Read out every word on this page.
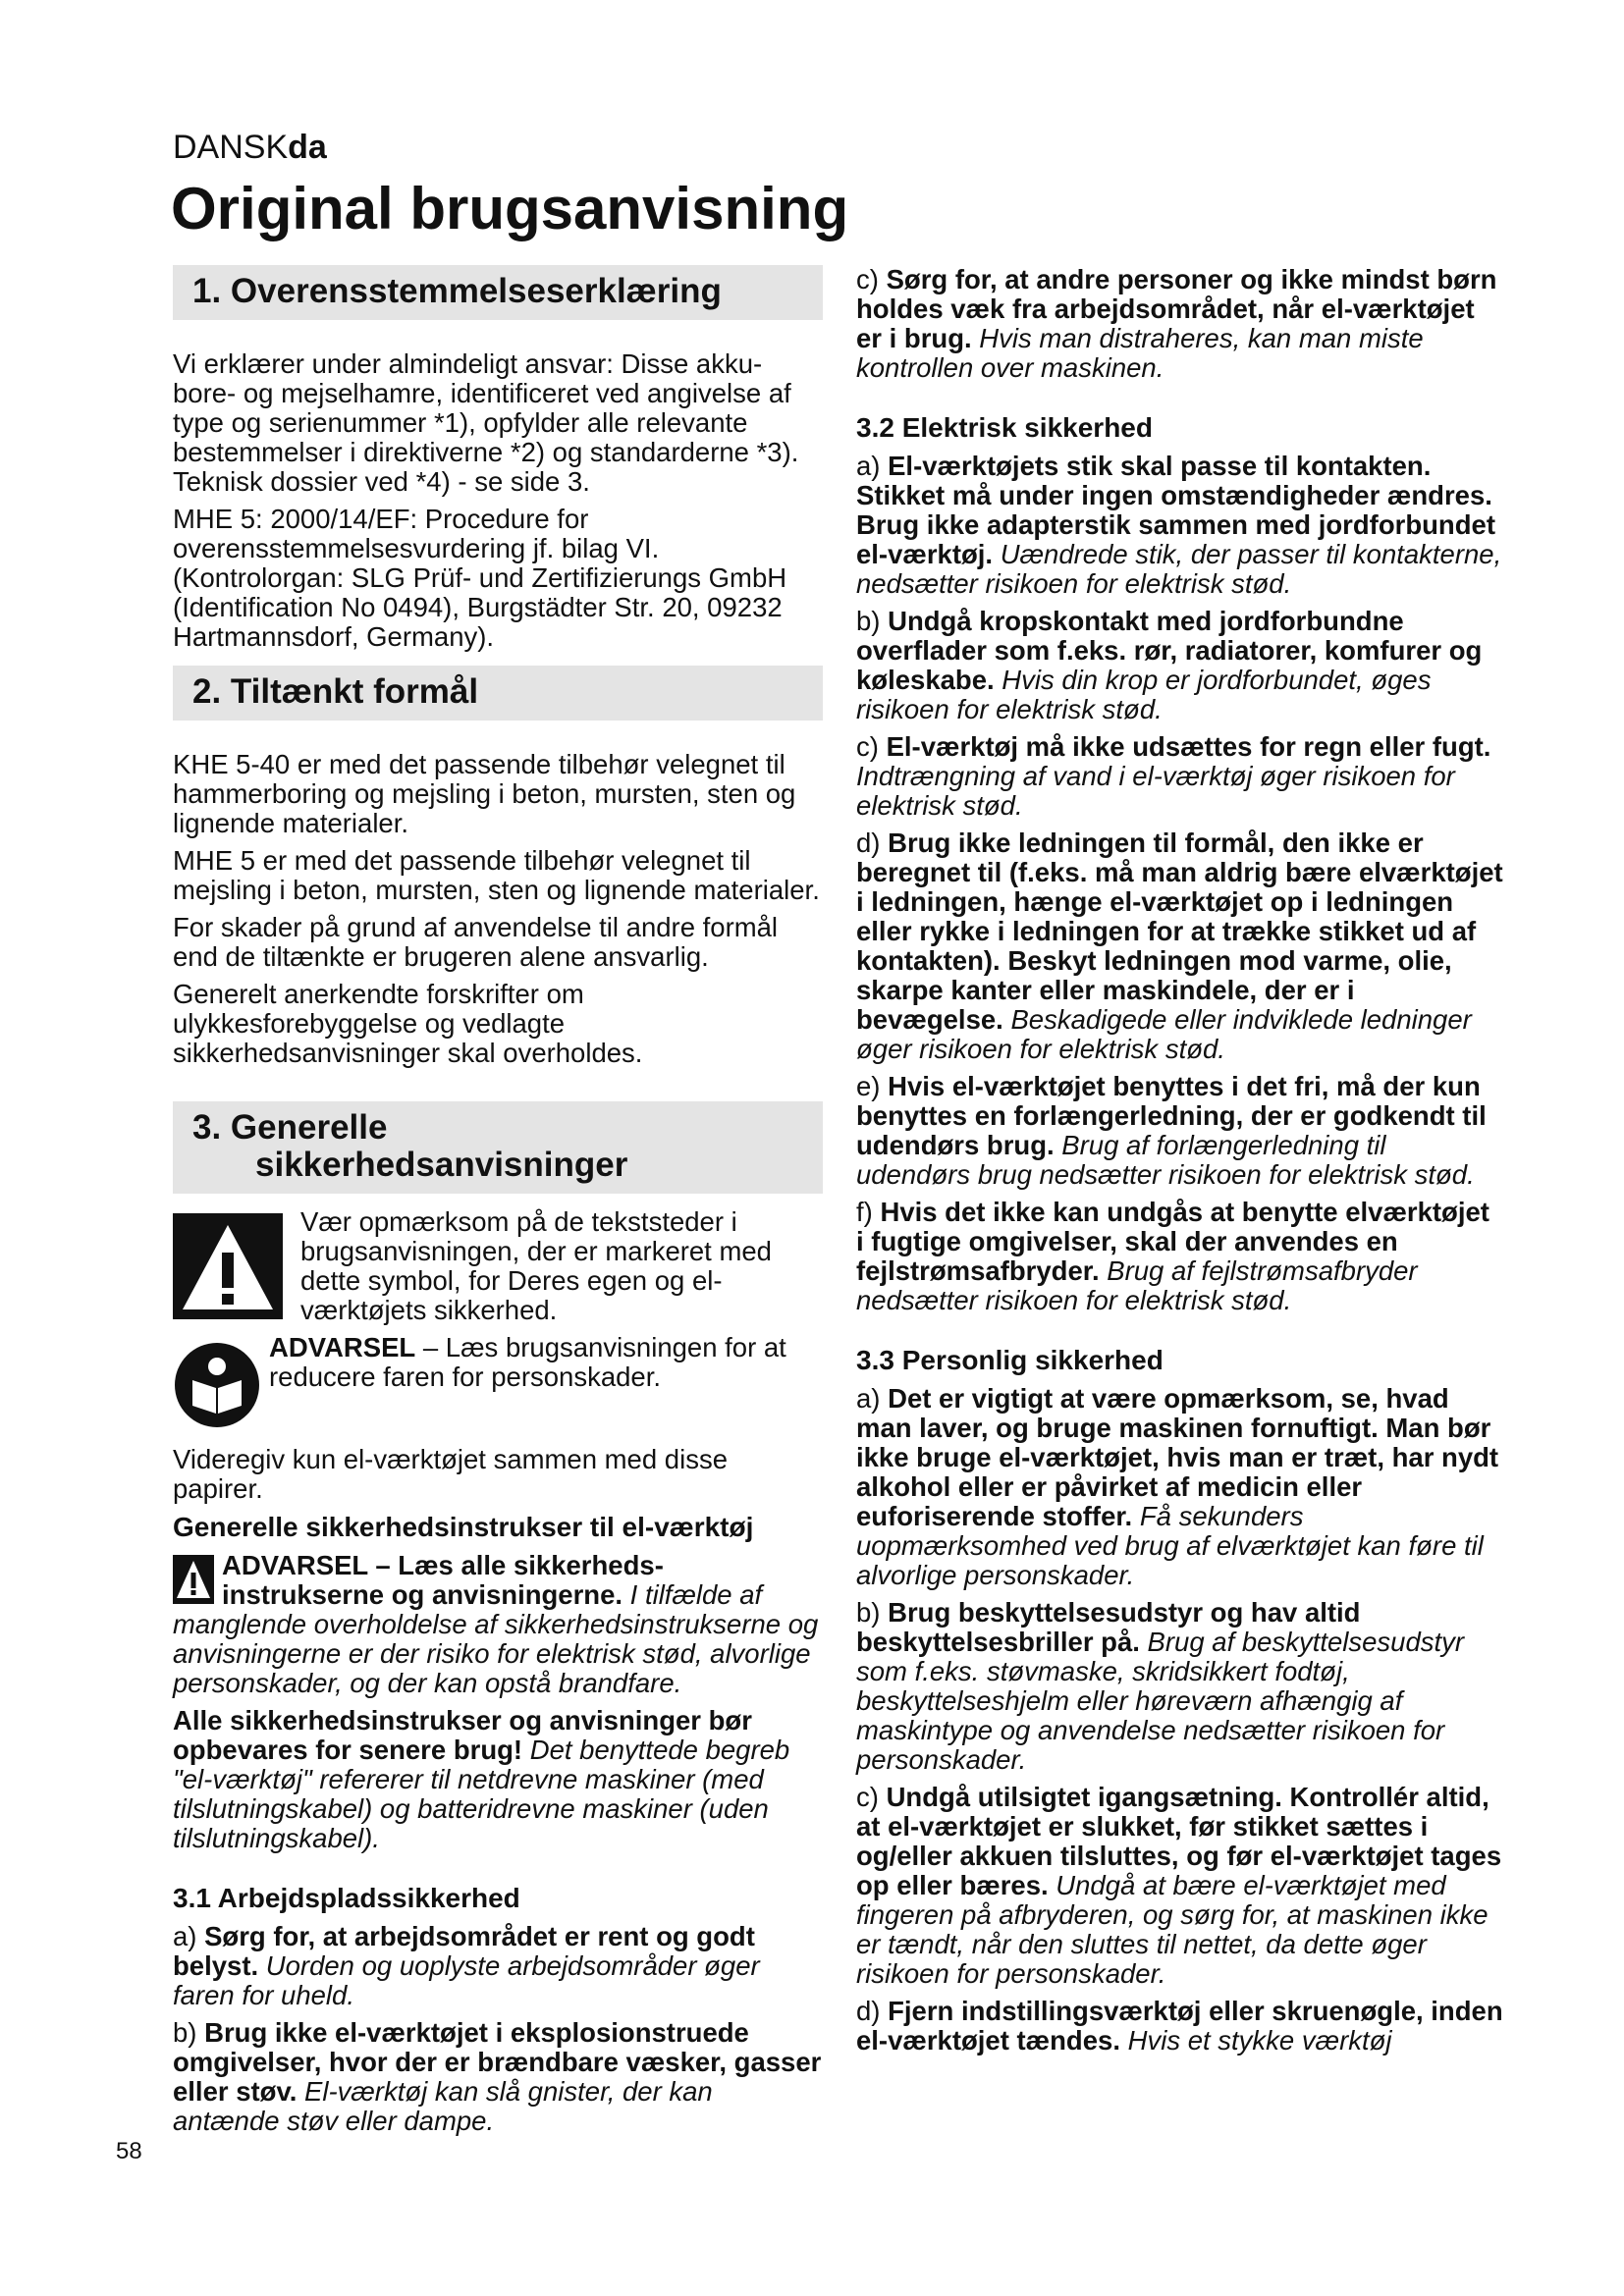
DANSKda
Original brugsanvisning
1. Overensstemmelseserklæring

Vi erklærer under almindeligt ansvar: Disse akku-bore- og mejselhamre, identificeret ved angivelse af type og serienummer *1), opfylder alle relevante bestemmelser i direktiverne *2) og standarderne *3). Teknisk dossier ved *4) - se side 3.

MHE 5: 2000/14/EF: Procedure for overensstemmelsesvurdering jf. bilag VI. (Kontrolorgan: SLG Prüf- und Zertifizierungs GmbH (Identification No 0494), Burgstädter Str. 20, 09232 Hartmannsdorf, Germany).

2. Tiltænkt formål

KHE 5-40 er med det passende tilbehør velegnet til hammerboring og mejsling i beton, mursten, sten og lignende materialer.

MHE 5 er med det passende tilbehør velegnet til mejsling i beton, mursten, sten og lignende materialer.

For skader på grund af anvendelse til andre formål end de tiltænkte er brugeren alene ansvarlig.

Generelt anerkendte forskrifter om ulykkesforebyggelse og vedlagte sikkerhedsanvisninger skal overholdes.

3. Generelle
sikkerhedsanvisninger

Vær opmærksom på de tekststeder i brugsanvisningen, der er markeret med dette symbol, for Deres egen og el-værktøjets sikkerhed.

ADVARSEL – Læs brugsanvisningen for at reducere faren for personskader.

Videregiv kun el-værktøjet sammen med disse papirer.

Generelle sikkerhedsinstrukser til el-værktøj

ADVARSEL – Læs alle sikkerheds-instrukserne og anvisningerne. I tilfælde af manglende overholdelse af sikkerhedsinstrukserne og anvisningerne er der risiko for elektrisk stød, alvorlige personskader, og der kan opstå brandfare.

Alle sikkerhedsinstrukser og anvisninger bør opbevares for senere brug! Det benyttede begreb "el-værktøj" refererer til netdrevne maskiner (med tilslutningskabel) og batteridrevne maskiner (uden tilslutningskabel).

3.1 Arbejdspladssikkerhed

a) Sørg for, at arbejdsområdet er rent og godt belyst. Uorden og uoplyste arbejdsområder øger faren for uheld.

b) Brug ikke el-værktøjet i eksplosionstruede omgivelser, hvor der er brændbare væsker, gasser eller støv. El-værktøj kan slå gnister, der kan antænde støv eller dampe.

c) Sørg for, at andre personer og ikke mindst børn holdes væk fra arbejdsområdet, når el-værktøjet er i brug. Hvis man distraheres, kan man miste kontrollen over maskinen.

3.2 Elektrisk sikkerhed

a) El-værktøjets stik skal passe til kontakten. Stikket må under ingen omstændigheder ændres. Brug ikke adapterstik sammen med jordforbundet el-værktøj. Uændrede stik, der passer til kontakterne, nedsætter risikoen for elektrisk stød.

b) Undgå kropskontakt med jordforbundne overflader som f.eks. rør, radiatorer, komfurer og køleskabe. Hvis din krop er jordforbundet, øges risikoen for elektrisk stød.

c) El-værktøj må ikke udsættes for regn eller fugt. Indtrængning af vand i el-værktøj øger risikoen for elektrisk stød.

d) Brug ikke ledningen til formål, den ikke er beregnet til (f.eks. må man aldrig bære elværktøjet i ledningen, hænge el-værktøjet op i ledningen eller rykke i ledningen for at trække stikket ud af kontakten). Beskyt ledningen mod varme, olie, skarpe kanter eller maskindele, der er i bevægelse. Beskadigede eller indviklede ledninger øger risikoen for elektrisk stød.

e) Hvis el-værktøjet benyttes i det fri, må der kun benyttes en forlængerledning, der er godkendt til udendørs brug. Brug af forlængerledning til udendørs brug nedsætter risikoen for elektrisk stød.

f) Hvis det ikke kan undgås at benytte elværktøjet i fugtige omgivelser, skal der anvendes en fejlstrømsafbryder. Brug af fejlstrømsafbryder nedsætter risikoen for elektrisk stød.

3.3 Personlig sikkerhed

a) Det er vigtigt at være opmærksom, se, hvad man laver, og bruge maskinen fornuftigt. Man bør ikke bruge el-værktøjet, hvis man er træt, har nydt alkohol eller er påvirket af medicin eller euforiserende stoffer. Få sekunders uopmærksomhed ved brug af elværktøjet kan føre til alvorlige personskader.

b) Brug beskyttelsesudstyr og hav altid beskyttelsesbriller på. Brug af beskyttelsesudstyr som f.eks. støvmaske, skridsikkert fodtøj, beskyttelseshjelm eller høreværn afhængig af maskintype og anvendelse nedsætter risikoen for personskader.

c) Undgå utilsigtet igangsætning. Kontrollér altid, at el-værktøjet er slukket, før stikket sættes i og/eller akkuen tilsluttes, og før el-værktøjet tages op eller bæres. Undgå at bære el-værktøjet med fingeren på afbryderen, og sørg for, at maskinen ikke er tændt, når den sluttes til nettet, da dette øger risikoen for personskader.

d) Fjern indstillingsværktøj eller skruenøgle, inden el-værktøjet tændes. Hvis et stykke værktøj

58
